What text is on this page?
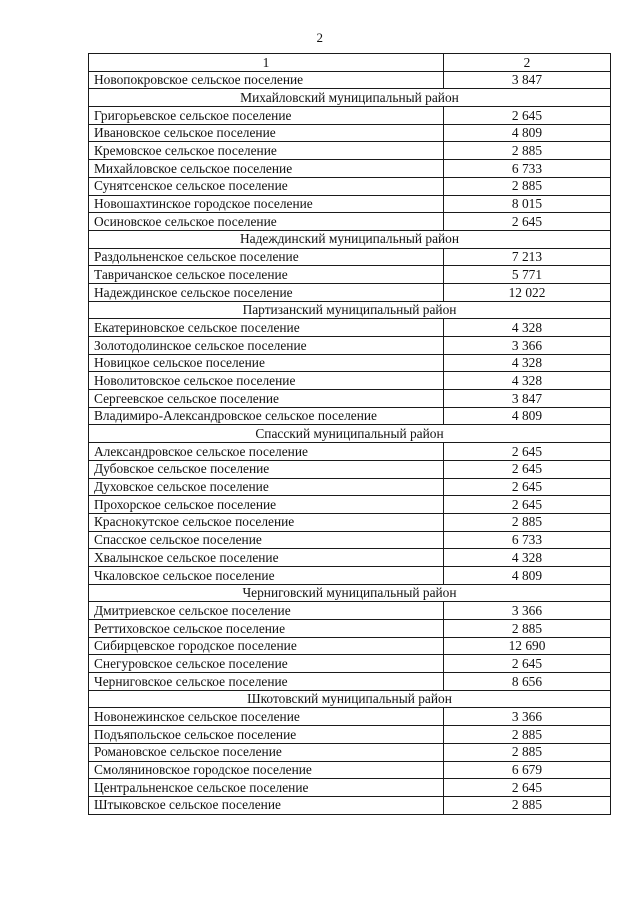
2
1	2
Новопокровское сельское поселение	3 847
Михайловский муниципальный район	
Григорьевское сельское поселение	2 645
Ивановское сельское поселение	4 809
Кремовское сельское поселение	2 885
Михайловское сельское поселение	6 733
Сунятсенское сельское поселение	2 885
Новошахтинское городское поселение	8 015
Осиновское сельское поселение	2 645
Надеждинский муниципальный район	
Раздольненское сельское поселение	7 213
Тавричанское сельское поселение	5 771
Надеждинское сельское поселение	12 022
Партизанский муниципальный район	
Екатериновское сельское поселение	4 328
Золотодолинское сельское поселение	3 366
Новицкое сельское поселение	4 328
Новолитовское сельское поселение	4 328
Сергеевское сельское поселение	3 847
Владимиро-Александровское сельское поселение	4 809
Спасский муниципальный район	
Александровское сельское поселение	2 645
Дубовское сельское поселение	2 645
Духовское сельское поселение	2 645
Прохорское сельское поселение	2 645
Краснокутское сельское поселение	2 885
Спасское сельское поселение	6 733
Хвалынское сельское поселение	4 328
Чкаловское сельское поселение	4 809
Черниговский муниципальный район	
Дмитриевское сельское поселение	3 366
Реттиховское сельское поселение	2 885
Сибирцевское городское поселение	12 690
Снегуровское сельское поселение	2 645
Черниговское сельское поселение	8 656
Шкотовский муниципальный район	
Новонежинское сельское поселение	3 366
Подъяпольское сельское поселение	2 885
Романовское сельское поселение	2 885
Смоляниновское городское поселение	6 679
Центральненское сельское поселение	2 645
Штыковское сельское поселение	2 885
